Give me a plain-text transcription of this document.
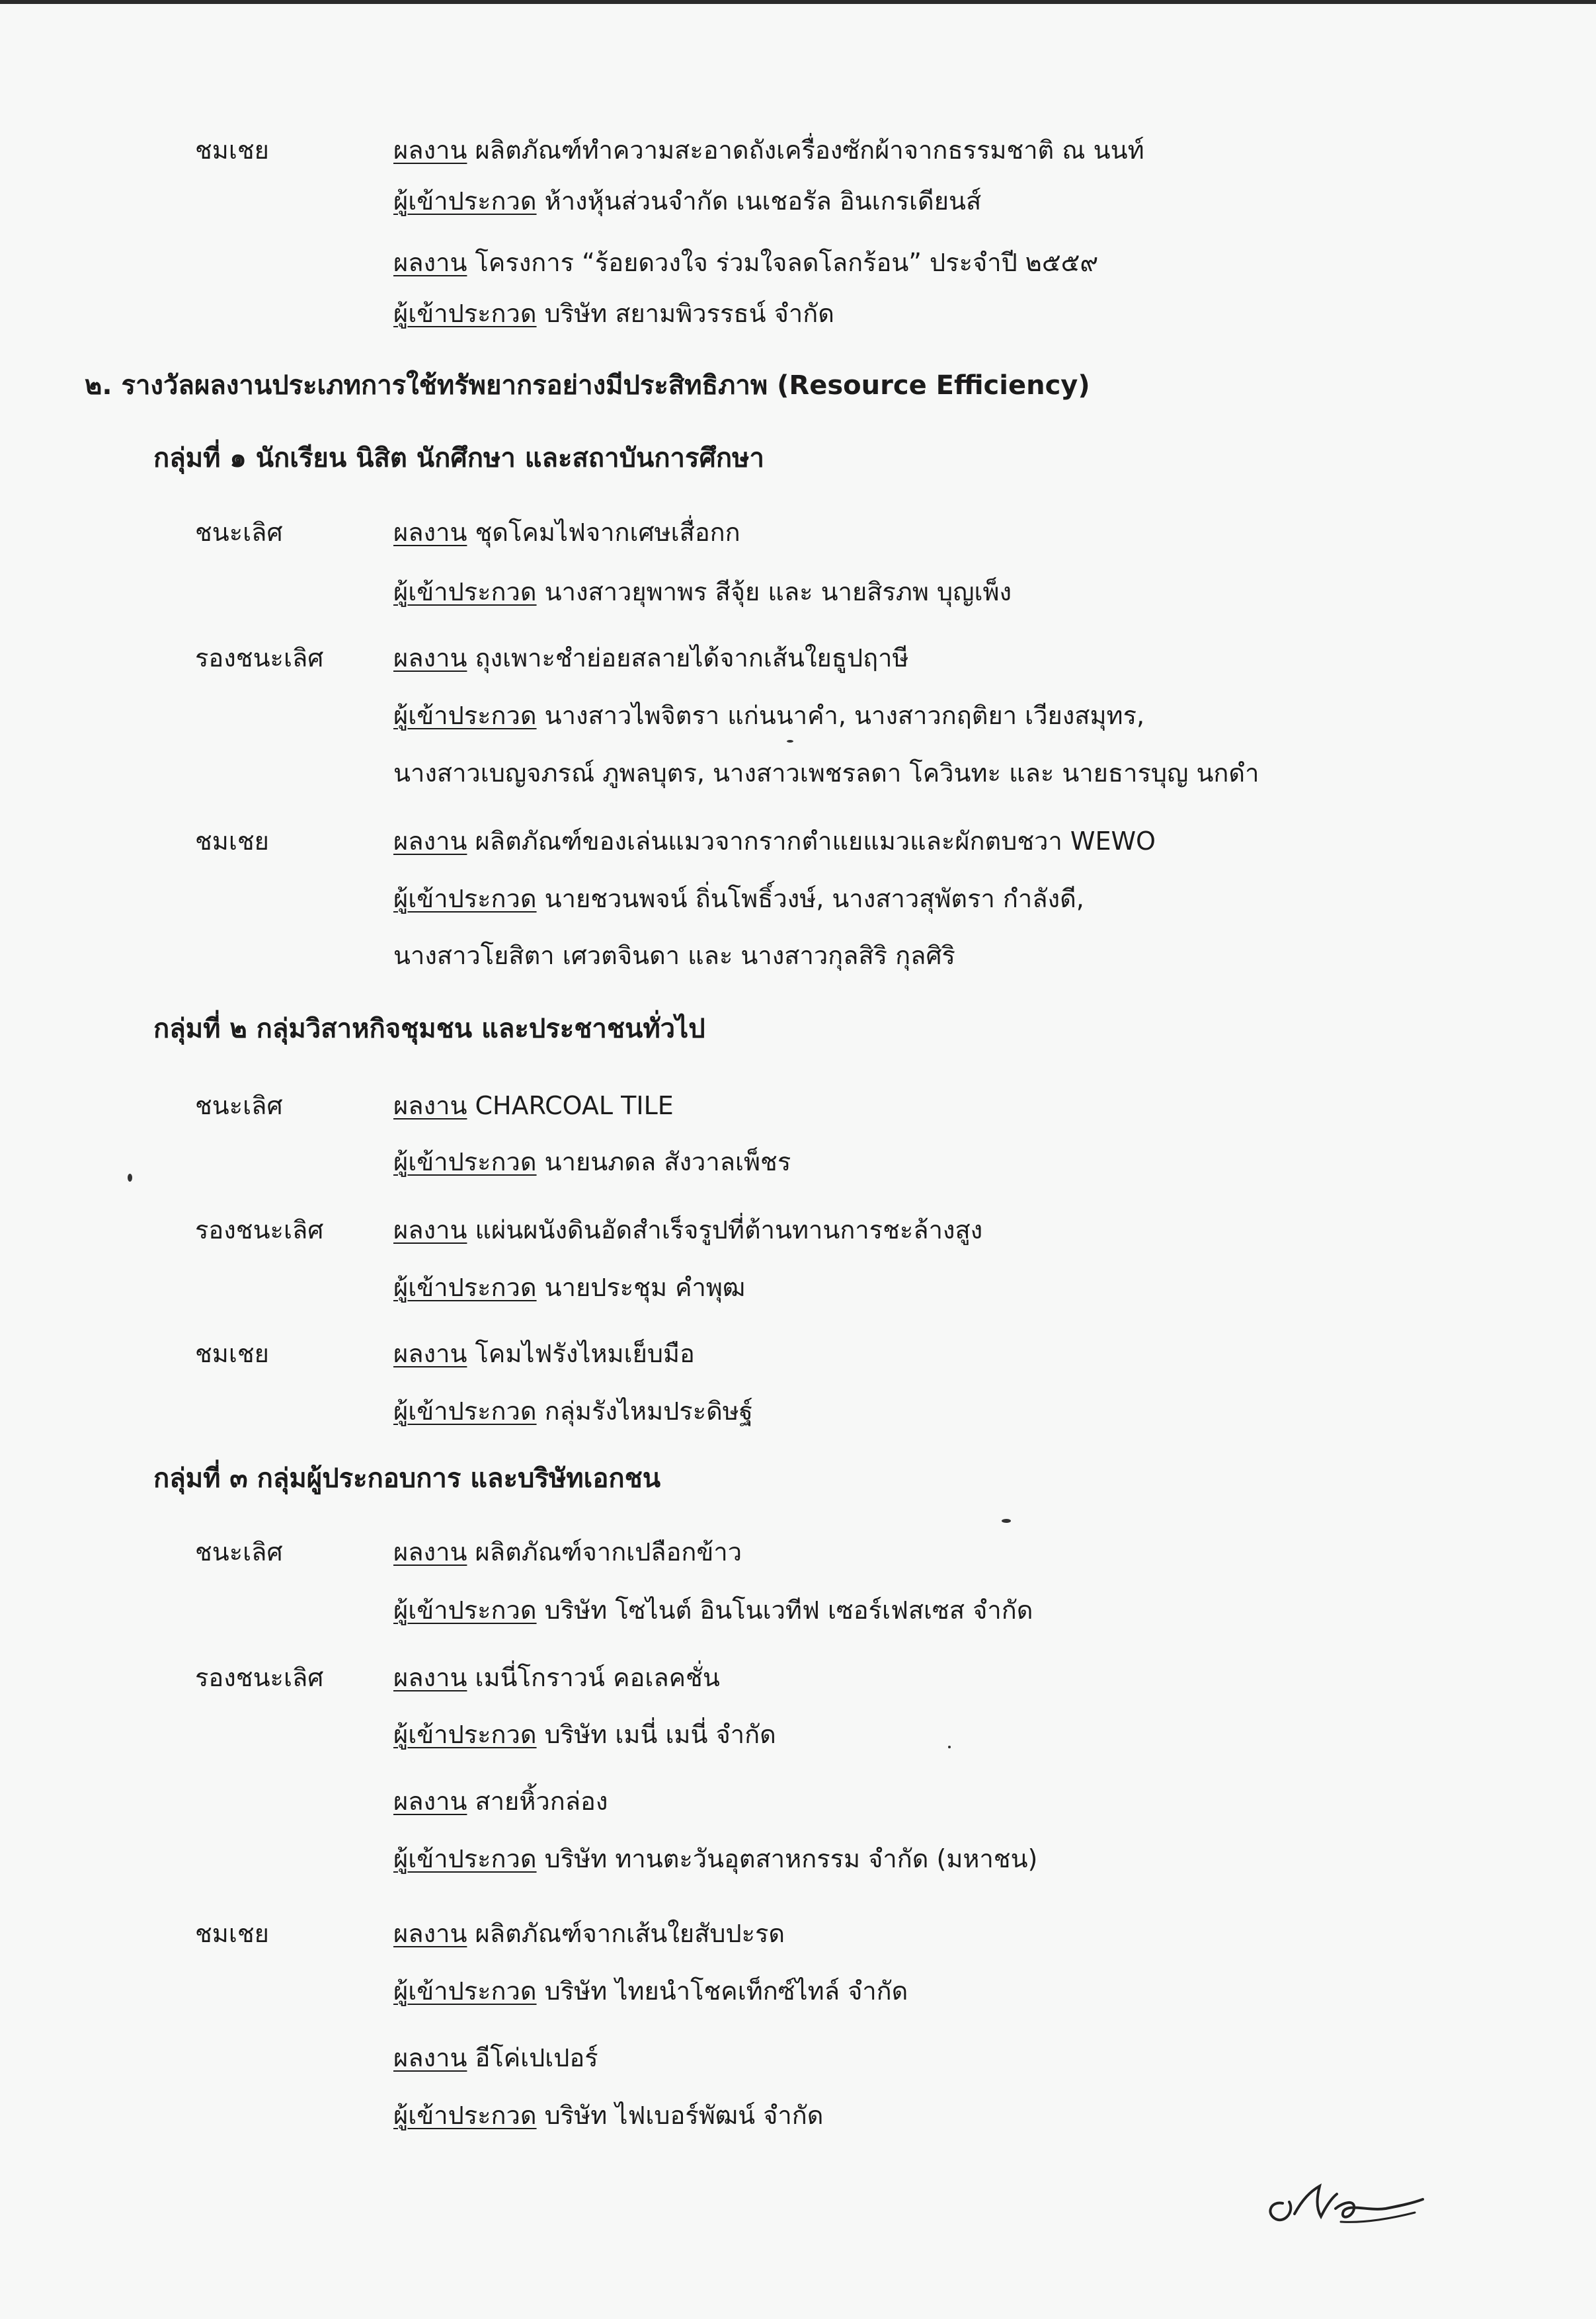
ชมเชย	ผลงาน ผลิตภัณฑ์ทำความสะอาดถังเครื่องซักผ้าจากธรรมชาติ ณ นนท์
ผู้เข้าประกวด ห้างหุ้นส่วนจำกัด เนเชอรัล อินเกรเดียนส์
ผลงาน โครงการ “ร้อยดวงใจ ร่วมใจลดโลกร้อน” ประจำปี ๒๕๕๙
ผู้เข้าประกวด บริษัท สยามพิวรรธน์ จำกัด
๒. รางวัลผลงานประเภทการใช้ทรัพยากรอย่างมีประสิทธิภาพ (Resource Efficiency)
กลุ่มที่ ๑ นักเรียน นิสิต นักศึกษา และสถาบันการศึกษา
ชนะเลิศ	ผลงาน ชุดโคมไฟจากเศษเสื่อกก
ผู้เข้าประกวด นางสาวยุพาพร สีจุ้ย และ นายสิรภพ บุญเพ็ง
รองชนะเลิศ	ผลงาน ถุงเพาะชำย่อยสลายได้จากเส้นใยธูปฤาษี
ผู้เข้าประกวด นางสาวไพจิตรา แก่นนาคำ, นางสาวกฤติยา เวียงสมุทร,
นางสาวเบญจภรณ์ ภูพลบุตร, นางสาวเพชรลดา โควินทะ และ นายธารบุญ นกดำ
ชมเชย	ผลงาน ผลิตภัณฑ์ของเล่นแมวจากรากตำแยแมวและผักตบชวา WEWO
ผู้เข้าประกวด นายชวนพจน์ ถิ่นโพธิ์วงษ์, นางสาวสุพัตรา กำลังดี,
นางสาวโยสิตา เศวตจินดา และ นางสาวกุลสิริ กุลศิริ
กลุ่มที่ ๒ กลุ่มวิสาหกิจชุมชน และประชาชนทั่วไป
ชนะเลิศ	ผลงาน CHARCOAL TILE
ผู้เข้าประกวด นายนภดล สังวาลเพ็ชร
รองชนะเลิศ	ผลงาน แผ่นผนังดินอัดสำเร็จรูปที่ต้านทานการชะล้างสูง
ผู้เข้าประกวด นายประชุม คำพุฒ
ชมเชย	ผลงาน โคมไฟรังไหมเย็บมือ
ผู้เข้าประกวด กลุ่มรังไหมประดิษฐ์
กลุ่มที่ ๓ กลุ่มผู้ประกอบการ และบริษัทเอกชน
ชนะเลิศ	ผลงาน ผลิตภัณฑ์จากเปลือกข้าว
ผู้เข้าประกวด บริษัท โซไนต์ อินโนเวทีฟ เซอร์เฟสเซส จำกัด
รองชนะเลิศ	ผลงาน เมนี่โกราวน์ คอเลคชั่น
ผู้เข้าประกวด บริษัท เมนี่ เมนี่ จำกัด
ผลงาน สายหิ้วกล่อง
ผู้เข้าประกวด บริษัท ทานตะวันอุตสาหกรรม จำกัด (มหาชน)
ชมเชย	ผลงาน ผลิตภัณฑ์จากเส้นใยสับปะรด
ผู้เข้าประกวด บริษัท ไทยนำโชคเท็กซ์ไทล์ จำกัด
ผลงาน อีโค่เปเปอร์
ผู้เข้าประกวด บริษัท ไฟเบอร์พัฒน์ จำกัด
